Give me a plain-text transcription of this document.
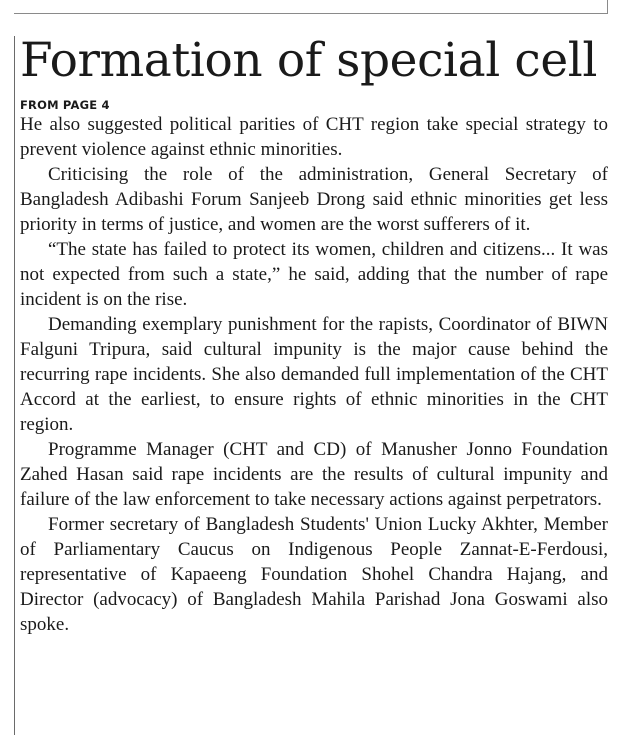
Formation of special cell
FROM PAGE 4

He also suggested political parities of CHT region take special strategy to prevent violence against ethnic minorities.

Criticising the role of the administration, General Secretary of Bangladesh Adibashi Forum Sanjeeb Drong said ethnic minorities get less priority in terms of justice, and women are the worst sufferers of it.

“The state has failed to protect its women, children and citizens... It was not expected from such a state,” he said, adding that the number of rape incident is on the rise.

Demanding exemplary punishment for the rapists, Coordinator of BIWN Falguni Tripura, said cultural impunity is the major cause behind the recurring rape incidents. She also demanded full implementation of the CHT Accord at the earliest, to ensure rights of ethnic minorities in the CHT region.

Programme Manager (CHT and CD) of Manusher Jonno Foundation Zahed Hasan said rape incidents are the results of cultural impunity and failure of the law enforcement to take necessary actions against perpetrators.

Former secretary of Bangladesh Students' Union Lucky Akhter, Member of Parliamentary Caucus on Indigenous People Zannat-E-Ferdousi, representative of Kapaeeng Foundation Shohel Chandra Hajang, and Director (advocacy) of Bangladesh Mahila Parishad Jona Goswami also spoke.
